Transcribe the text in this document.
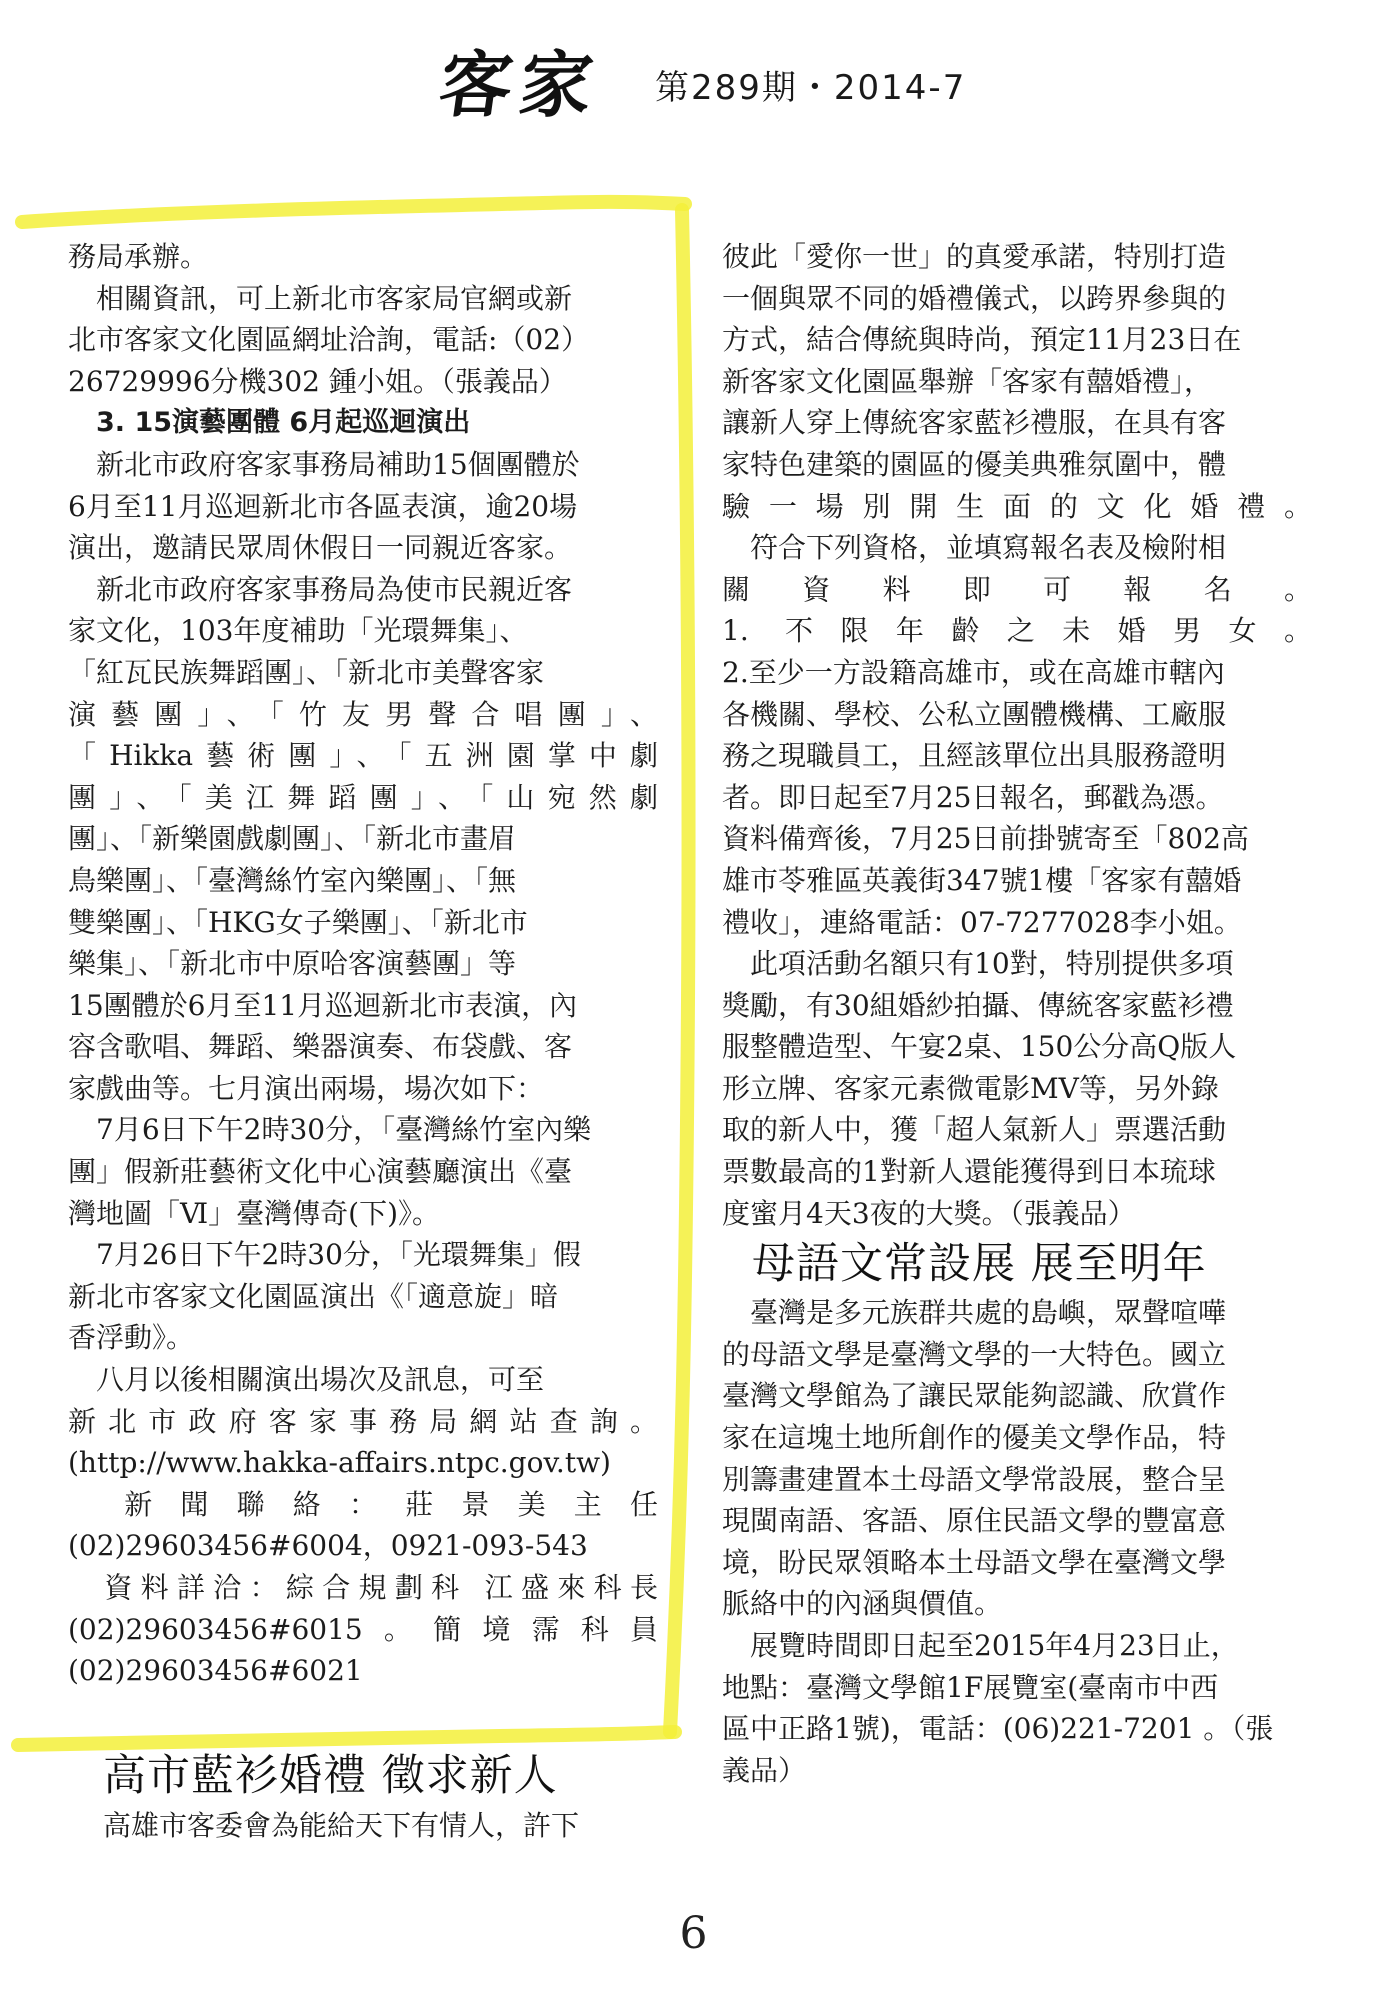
客家 第289期・2014-7
務局承辦。
　相關資訊，可上新北市客家局官網或新
北市客家文化園區網址洽詢，電話:（02）
26729996分機302 鍾小姐。（張義品）
3. 15演藝團體 6月起巡迴演出
　新北市政府客家事務局補助15個團體於
6月至11月巡迴新北市各區表演，逾20場
演出，邀請民眾周休假日一同親近客家。
　新北市政府客家事務局為使市民親近客
家文化，103年度補助「光環舞集」、
「紅瓦民族舞蹈團」、「新北市美聲客家
演藝團」、「竹友男聲合唱團」、
「Hikka藝術團」、「五洲園掌中劇
團」、「美江舞蹈團」、「山宛然劇
團」、「新樂園戲劇團」、「新北市畫眉
鳥樂團」、「臺灣絲竹室內樂團」、「無
雙樂團」、「HKG女子樂團」、「新北市
樂集」、「新北市中原哈客演藝團」等
15團體於6月至11月巡迴新北市表演，內
容含歌唱、舞蹈、樂器演奏、布袋戲、客
家戲曲等。七月演出兩場，場次如下：
　7月6日下午2時30分，「臺灣絲竹室內樂
團」假新莊藝術文化中心演藝廳演出《臺
灣地圖「Ⅵ」臺灣傳奇(下)》。
　7月26日下午2時30分，「光環舞集」假
新北市客家文化園區演出《「適意旋」暗
香浮動》。
　八月以後相關演出場次及訊息，可至
新北市政府客家事務局網站查詢。
(http://www.hakka-affairs.ntpc.gov.tw)
　新聞聯絡：莊景美主任
(02)29603456#6004，0921-093-543
　資料詳洽：綜合規劃科 江盛來科長
(02)29603456#6015。簡境霈科員
(02)29603456#6021
高市藍衫婚禮 徵求新人
高雄市客委會為能給天下有情人，許下
彼此「愛你一世」的真愛承諾，特別打造
一個與眾不同的婚禮儀式，以跨界參與的
方式，結合傳統與時尚，預定11月23日在
新客家文化園區舉辦「客家有囍婚禮」，
讓新人穿上傳統客家藍衫禮服，在具有客
家特色建築的園區的優美典雅氛圍中，體
驗一場別開生面的文化婚禮。
　符合下列資格，並填寫報名表及檢附相
關資料即可報名。
1. 不限年齡之未婚男女。
2.至少一方設籍高雄市，或在高雄市轄內
各機關、學校、公私立團體機構、工廠服
務之現職員工，且經該單位出具服務證明
者。即日起至7月25日報名，郵戳為憑。
資料備齊後，7月25日前掛號寄至「802高
雄市苓雅區英義街347號1樓「客家有囍婚
禮收」，連絡電話：07-7277028李小姐。
　此項活動名額只有10對，特別提供多項
獎勵，有30組婚紗拍攝、傳統客家藍衫禮
服整體造型、午宴2桌、150公分高Q版人
形立牌、客家元素微電影MV等，另外錄
取的新人中，獲「超人氣新人」票選活動
票數最高的1對新人還能獲得到日本琉球
度蜜月4天3夜的大獎。（張義品）
母語文常設展 展至明年
　臺灣是多元族群共處的島嶼，眾聲喧嘩
的母語文學是臺灣文學的一大特色。國立
臺灣文學館為了讓民眾能夠認識、欣賞作
家在這塊土地所創作的優美文學作品，特
別籌畫建置本土母語文學常設展，整合呈
現閩南語、客語、原住民語文學的豐富意
境，盼民眾領略本土母語文學在臺灣文學
脈絡中的內涵與價值。
　展覽時間即日起至2015年4月23日止，
地點：臺灣文學館1F展覽室(臺南市中西
區中正路1號)，電話：(06)221-7201 。（張
義品）
6
